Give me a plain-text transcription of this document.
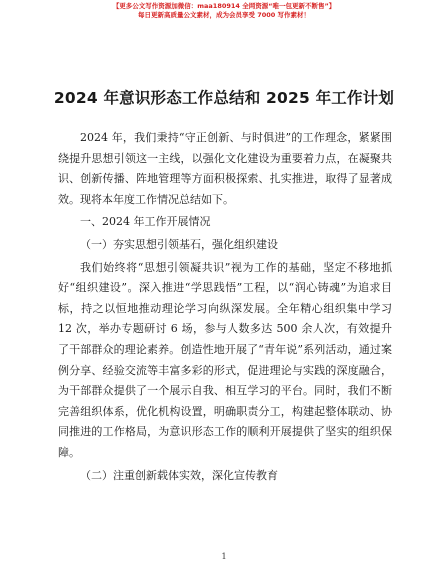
【更多公文写作资源加微信：maa180914 全网资源“唯一包更新不断售”】
每日更新高质量公文素材，成为会员享受 7000 写作素材！
2024 年意识形态工作总结和 2025 年工作计划

2024 年，我们秉持“守正创新、与时俱进”的工作理念，紧紧围绕提升思想引领这一主线，以强化文化建设为重要着力点，在凝聚共识、创新传播、阵地管理等方面积极探索、扎实推进，取得了显著成效。现将本年度工作情况总结如下。

一、2024 年工作开展情况

（一）夯实思想引领基石，强化组织建设

我们始终将“思想引领凝共识”视为工作的基础，坚定不移地抓好“组织建设”。深入推进“学思践悟”工程，以“润心铸魂”为追求目标，持之以恒地推动理论学习向纵深发展。全年精心组织集中学习 12 次，举办专题研讨 6 场，参与人数多达 500 余人次，有效提升了干部群众的理论素养。创造性地开展了“青年说”系列活动，通过案例分享、经验交流等丰富多彩的形式，促进理论与实践的深度融合，为干部群众提供了一个展示自我、相互学习的平台。同时，我们不断完善组织体系，优化机构设置，明确职责分工，构建起整体联动、协同推进的工作格局，为意识形态工作的顺利开展提供了坚实的组织保障。

（二）注重创新载体实效，深化宣传教育

1
